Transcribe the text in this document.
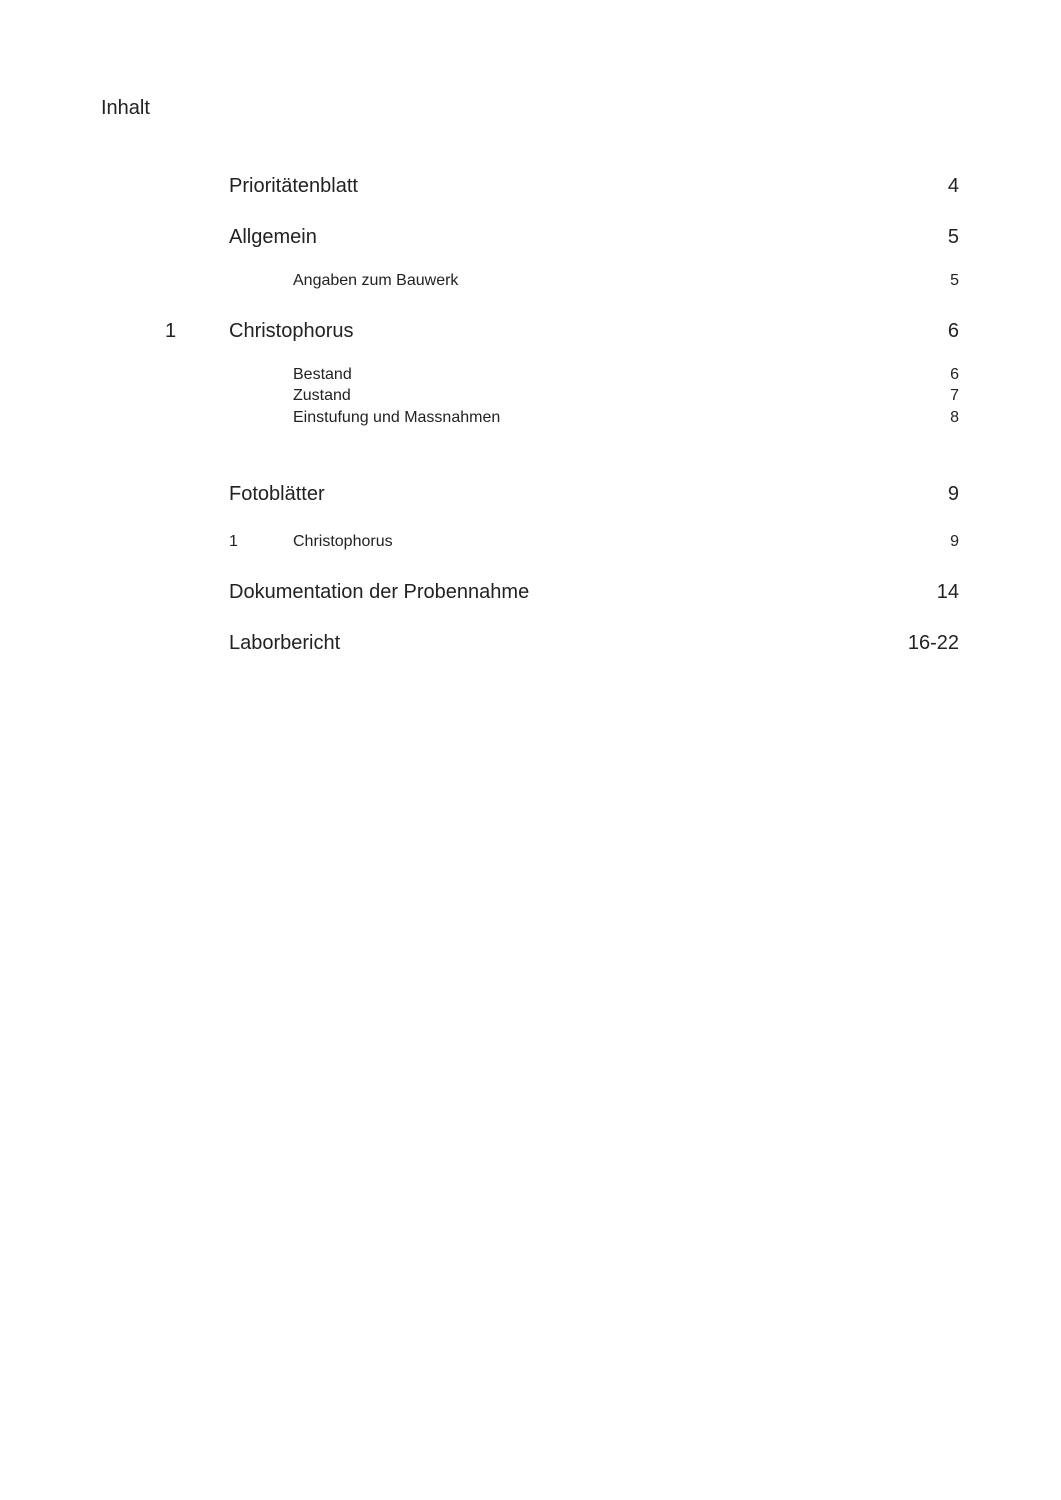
Inhalt
Prioritätenblatt	4
Allgemein	5
Angaben zum Bauwerk	5
1	Christophorus	6
Bestand	6
Zustand	7
Einstufung und Massnahmen	8
Fotoblätter	9
1	Christophorus	9
Dokumentation der Probennahme	14
Laborbericht	16-22
